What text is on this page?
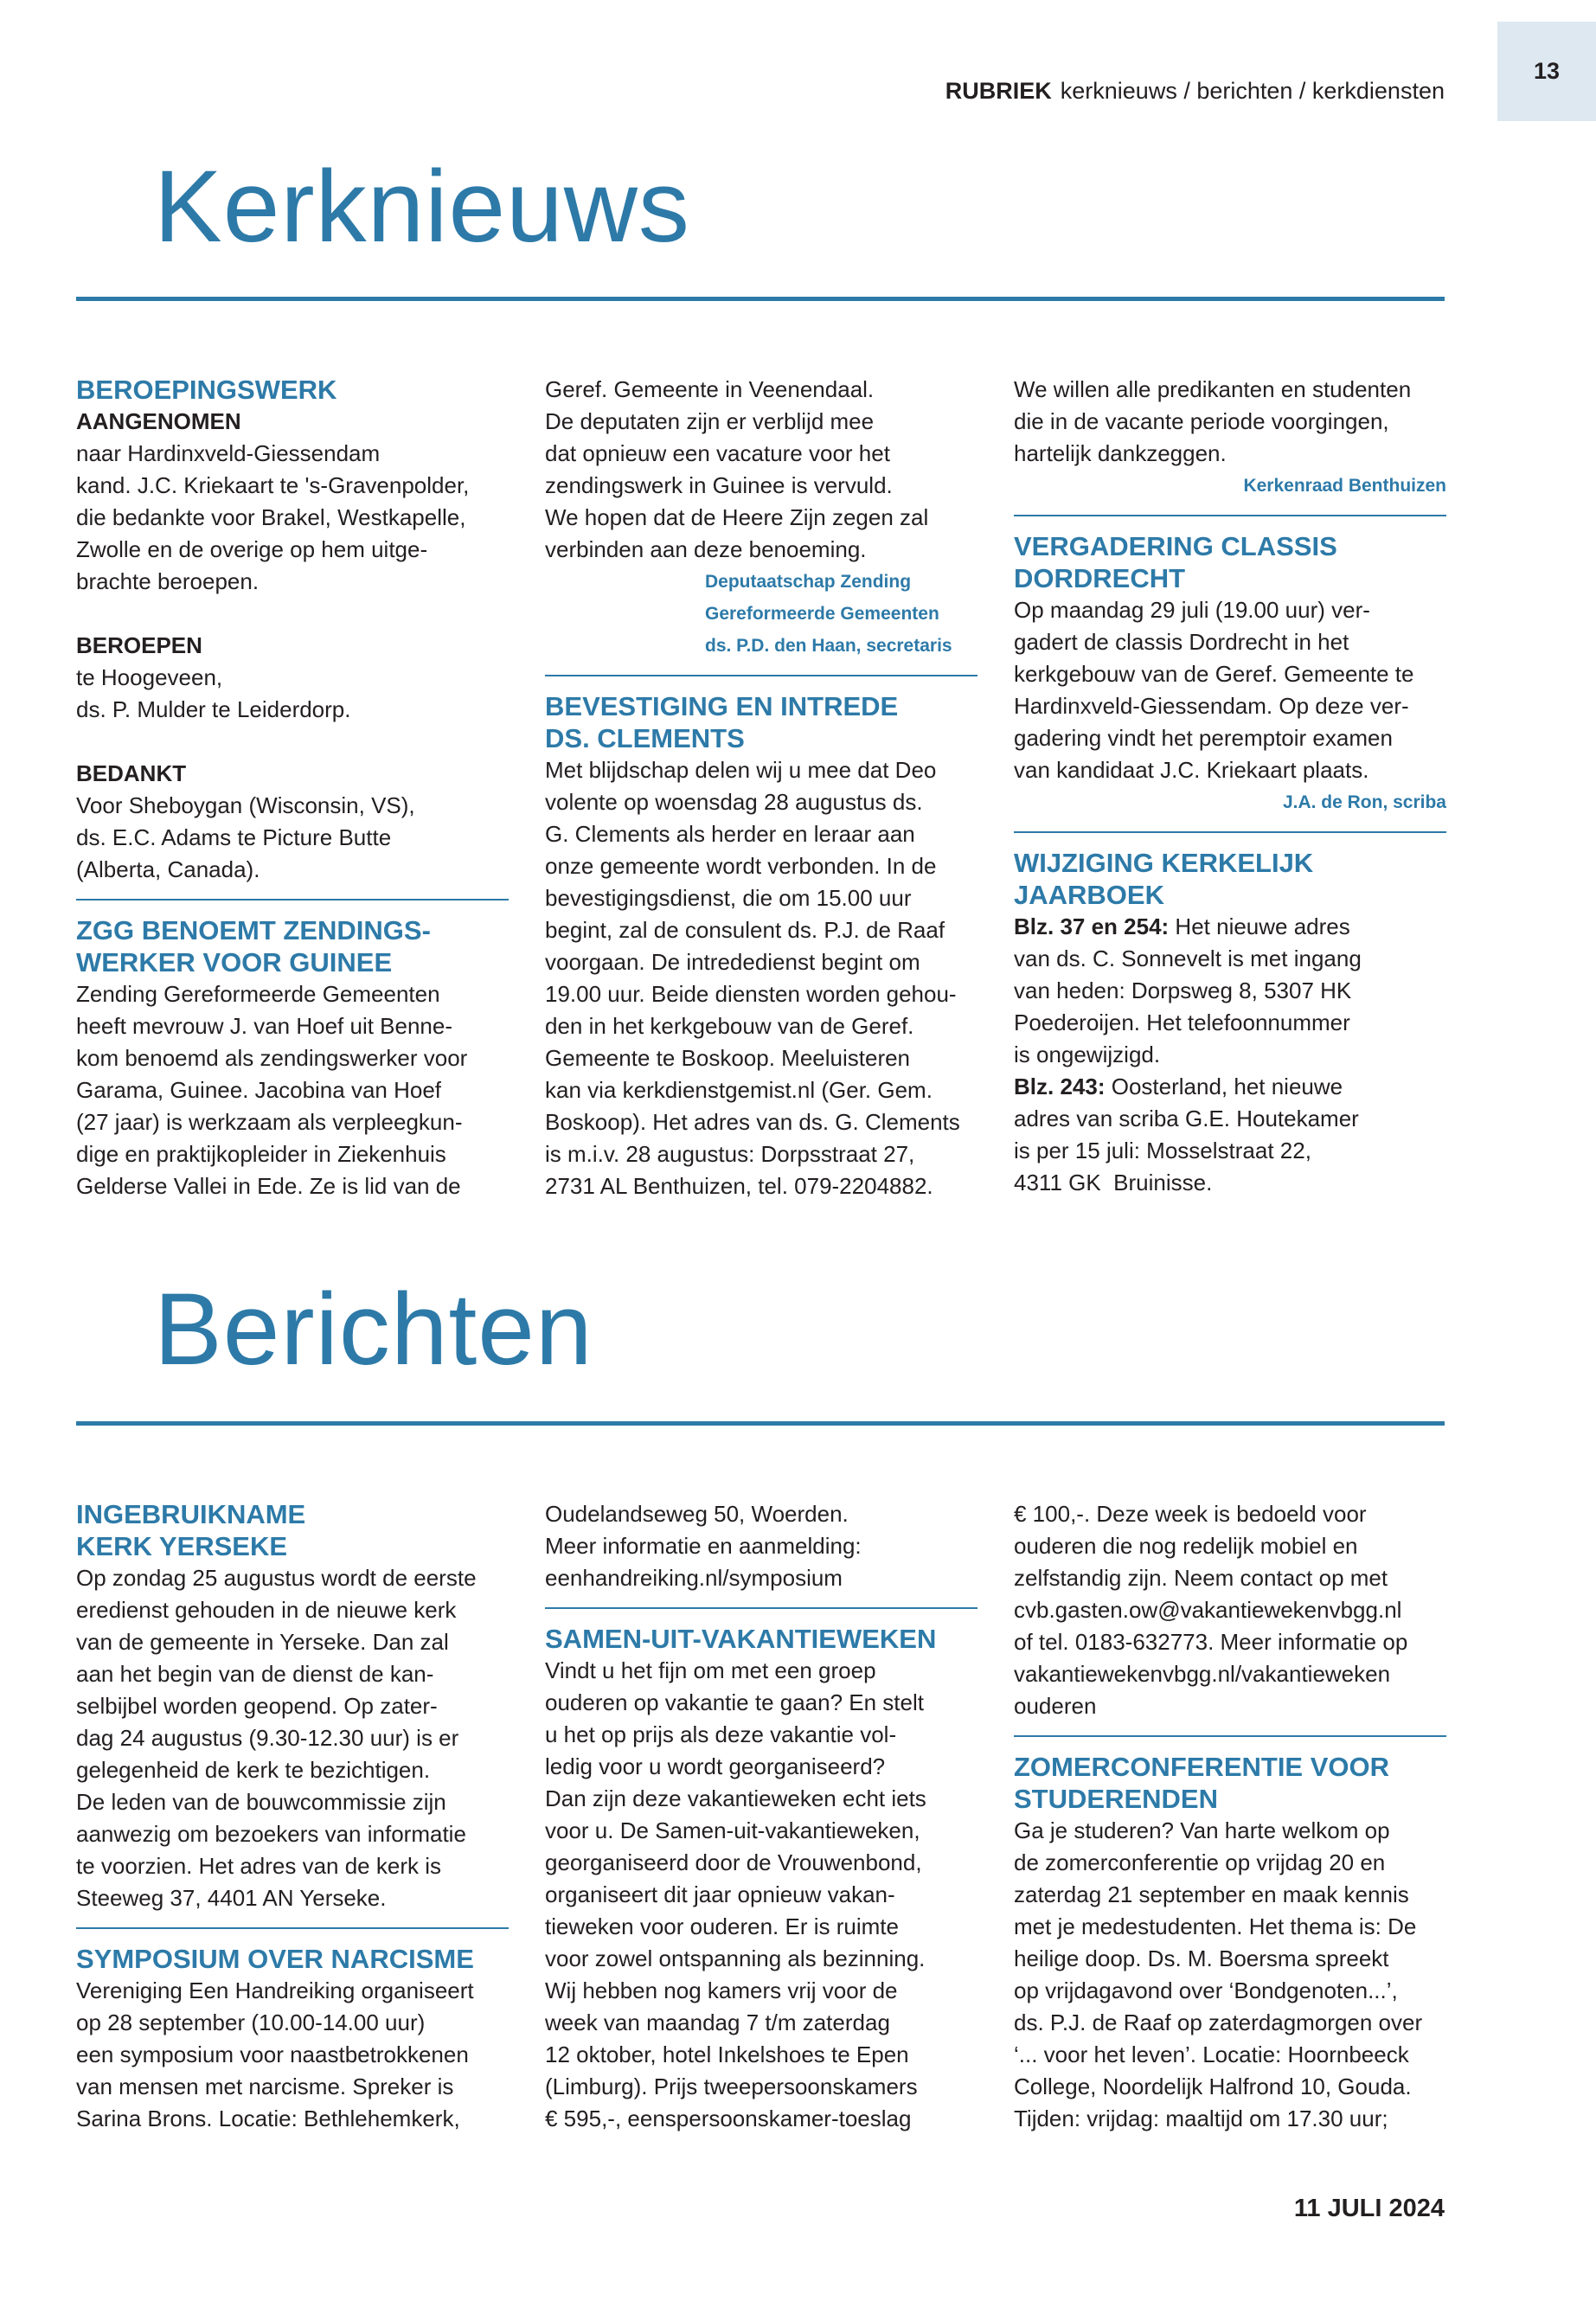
13
RUBRIEK kerknieuws / berichten / kerkdiensten
Kerknieuws

BEROEPINGSWERK

AANGENOMEN

naar Hardinxveld-Giessendam

kand. J.C. Kriekaart te 's-Gravenpolder,

die bedankte voor Brakel, Westkapelle,

Zwolle en de overige op hem uitge-

brachte beroepen.

BEROEPEN

te Hoogeveen,

ds. P. Mulder te Leiderdorp.

BEDANKT

Voor Sheboygan (Wisconsin, VS),

ds. E.C. Adams te Picture Butte

(Alberta, Canada).

ZGG BENOEMT ZENDINGS-

WERKER VOOR GUINEE

Zending Gereformeerde Gemeenten

heeft mevrouw J. van Hoef uit Benne-

kom benoemd als zendingswerker voor

Garama, Guinee. Jacobina van Hoef

(27 jaar) is werkzaam als verpleegkun-

dige en praktijkopleider in Ziekenhuis

Gelderse Vallei in Ede. Ze is lid van de

Geref. Gemeente in Veenendaal.

De deputaten zijn er verblijd mee

dat opnieuw een vacature voor het

zendingswerk in Guinee is vervuld.

We hopen dat de Heere Zijn zegen zal

verbinden aan deze benoeming.

Deputaatschap Zending

Gereformeerde Gemeenten

ds. P.D. den Haan, secretaris

BEVESTIGING EN INTREDE

DS. CLEMENTS

Met blijdschap delen wij u mee dat Deo

volente op woensdag 28 augustus ds.

G. Clements als herder en leraar aan

onze gemeente wordt verbonden. In de

bevestigingsdienst, die om 15.00 uur

begint, zal de consulent ds. P.J. de Raaf

voorgaan. De intrededienst begint om

19.00 uur. Beide diensten worden gehou-

den in het kerkgebouw van de Geref.

Gemeente te Boskoop. Meeluisteren

kan via kerkdienstgemist.nl (Ger. Gem.

Boskoop). Het adres van ds. G. Clements

is m.i.v. 28 augustus: Dorpsstraat 27,

2731 AL Benthuizen, tel. 079-2204882.

We willen alle predikanten en studenten

die in de vacante periode voorgingen,

hartelijk dankzeggen.

Kerkenraad Benthuizen

VERGADERING CLASSIS

DORDRECHT

Op maandag 29 juli (19.00 uur) ver-

gadert de classis Dordrecht in het

kerkgebouw van de Geref. Gemeente te

Hardinxveld-Giessendam. Op deze ver-

gadering vindt het peremptoir examen

van kandidaat J.C. Kriekaart plaats.

J.A. de Ron, scriba

WIJZIGING KERKELIJK

JAARBOEK

Blz. 37 en 254: Het nieuwe adres

van ds. C. Sonnevelt is met ingang

van heden: Dorpsweg 8, 5307 HK

Poederoijen. Het telefoonnummer

is ongewijzigd.

Blz. 243: Oosterland, het nieuwe

adres van scriba G.E. Houtekamer

is per 15 juli: Mosselstraat 22,

4311 GK  Bruinisse.

Berichten

INGEBRUIKNAME

KERK YERSEKE

Op zondag 25 augustus wordt de eerste

eredienst gehouden in de nieuwe kerk

van de gemeente in Yerseke. Dan zal

aan het begin van de dienst de kan-

selbijbel worden geopend. Op zater-

dag 24 augustus (9.30-12.30 uur) is er

gelegenheid de kerk te bezichtigen.

De leden van de bouwcommissie zijn

aanwezig om bezoekers van informatie

te voorzien. Het adres van de kerk is

Steeweg 37, 4401 AN Yerseke.

SYMPOSIUM OVER NARCISME

Vereniging Een Handreiking organiseert

op 28 september (10.00-14.00 uur)

een symposium voor naastbetrokkenen

van mensen met narcisme. Spreker is

Sarina Brons. Locatie: Bethlehemkerk,

Oudelandseweg 50, Woerden.

Meer informatie en aanmelding:

eenhandreiking.nl/symposium

SAMEN-UIT-VAKANTIEWEKEN

Vindt u het fijn om met een groep

ouderen op vakantie te gaan? En stelt

u het op prijs als deze vakantie vol-

ledig voor u wordt georganiseerd?

Dan zijn deze vakantieweken echt iets

voor u. De Samen-uit-vakantieweken,

georganiseerd door de Vrouwenbond,

organiseert dit jaar opnieuw vakan-

tieweken voor ouderen. Er is ruimte

voor zowel ontspanning als bezinning.

Wij hebben nog kamers vrij voor de

week van maandag 7 t/m zaterdag

12 oktober, hotel Inkelshoes te Epen

(Limburg). Prijs tweepersoonskamers

€ 595,-, eenspersoonskamer-toeslag

€ 100,-. Deze week is bedoeld voor

ouderen die nog redelijk mobiel en

zelfstandig zijn. Neem contact op met

cvb.gasten.ow@vakantiewekenvbgg.nl

of tel. 0183-632773. Meer informatie op

vakantiewekenvbgg.nl/vakantieweken

ouderen

ZOMERCONFERENTIE VOOR

STUDERENDEN

Ga je studeren? Van harte welkom op

de zomerconferentie op vrijdag 20 en

zaterdag 21 september en maak kennis

met je medestudenten. Het thema is: De

heilige doop. Ds. M. Boersma spreekt

op vrijdagavond over ‘Bondgenoten...’,

ds. P.J. de Raaf op zaterdagmorgen over

‘... voor het leven’. Locatie: Hoornbeeck

College, Noordelijk Halfrond 10, Gouda.

Tijden: vrijdag: maaltijd om 17.30 uur;

11 JULI 2024
